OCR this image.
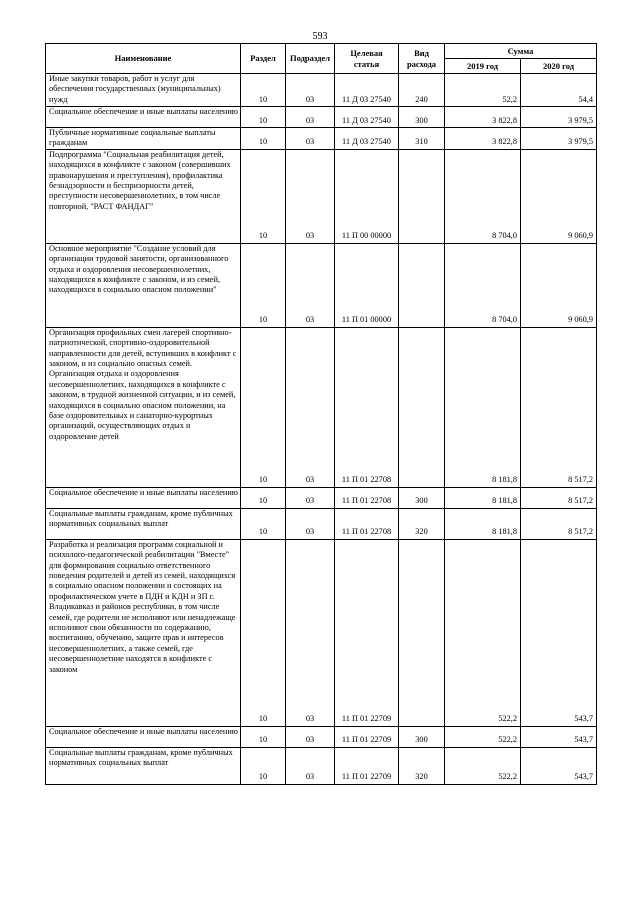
593
Наименование	Раздел	Подраздел	Целевая статья	Вид расхода	Сумма	
					2019 год	2020 год
Иные закупки товаров, работ и услуг для обеспечения государственных (муниципальных) нужд	10	03	11 Д 03 27540	240	52,2	54,4
Социальное обеспечение и иные выплаты населению	10	03	11 Д 03 27540	300	3 822,8	3 979,5
Публичные нормативные социальные выплаты гражданам	10	03	11 Д 03 27540	310	3 822,8	3 979,5
Подпрограмма "Социальная реабилитация детей, находящихся в конфликте с законом (совершивших правонарушения и преступления), профилактика безнадзорности и беспризорности детей, преступности несовершеннолетних, в том числе повторной, "РАСТ ФАНДАГ"	10	03	11 П 00 00000		8 704,0	9 060,9
Основное мероприятие "Создание условий для организации трудовой занятости, организованного отдыха и оздоровления несовершеннолетних, находящихся в конфликте с законом, и из семей, находящихся в социально опасном положении"	10	03	11 П 01 00000		8 704,0	9 060,9
Организация профильных смен лагерей спортивно-патриотической, спортивно-оздоровительной направленности для детей, вступивших в конфликт с законом, и из социально опасных семей. Организация отдыха и оздоровления несовершеннолетних, находящихся в конфликте с законом, в трудной жизненной ситуации, и из семей, находящихся в социально опасном положении, на базе оздоровительных и санаторно-курортных организаций, осуществляющих отдых и оздоровление детей	10	03	11 П 01 22708		8 181,8	8 517,2
Социальное обеспечение и иные выплаты населению	10	03	11 П 01 22708	300	8 181,8	8 517,2
Социальные выплаты гражданам, кроме публичных нормативных социальных выплат	10	03	11 П 01 22708	320	8 181,8	8 517,2
Разработка и реализация программ социальной и психолого-педагогической реабилитации "Вместе" для формирования социально ответственного поведения родителей и детей из семей, находящихся в социально опасном положении и состоящих на профилактическом учете в ПДН и КДН и ЗП г. Владикавказ и районов республики, в том числе семей, где родители не исполняют или ненадлежаще исполняют свои обязанности по содержанию, воспитанию, обучению, защите прав и интересов несовершеннолетних, а также семей, где несовершеннолетние находятся в конфликте с законом	10	03	11 П 01 22709		522,2	543,7
Социальное обеспечение и иные выплаты населению	10	03	11 П 01 22709	300	522,2	543,7
Социальные выплаты гражданам, кроме публичных нормативных социальных выплат	10	03	11 П 01 22709	320	522,2	543,7
